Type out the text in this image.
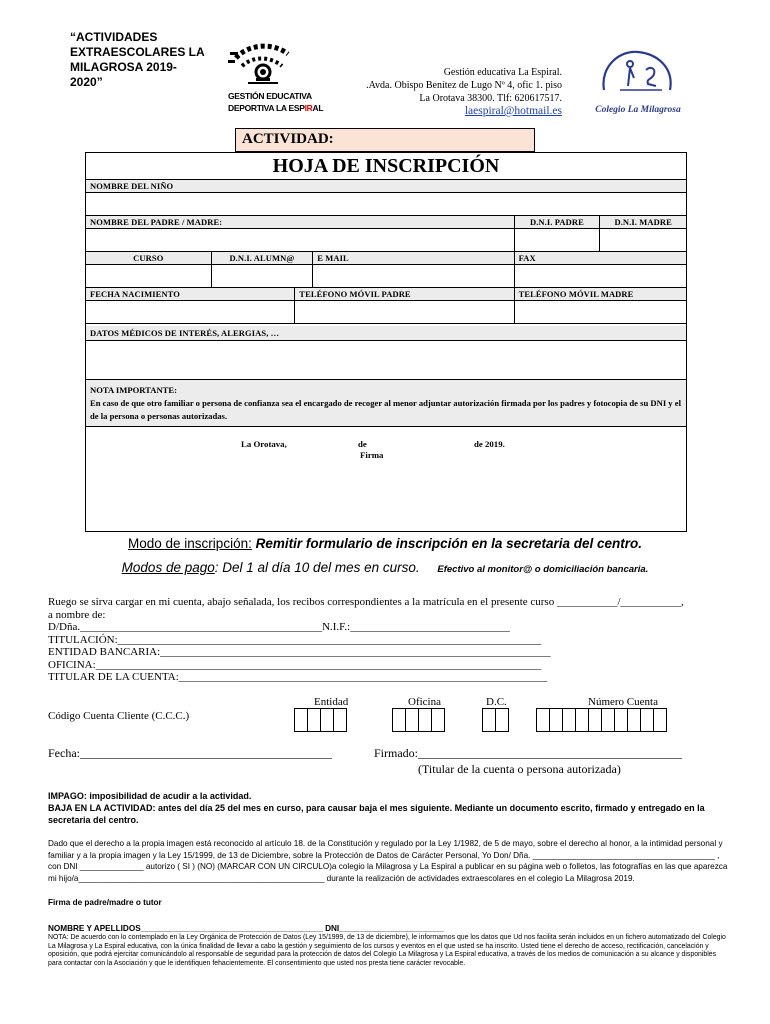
“ACTIVIDADES
EXTRAESCOLARES LA
MILAGROSA 2019-
2020”
GESTIÓN EDUCATIVA
DEPORTIVA LA ESPIRAL
Gestión educativa La Espiral.
.Avda. Obispo Benítez de Lugo Nº 4, ofic 1. piso
La Orotava 38300. Tlf: 620617517.
laespiral@hotmail.es	Colegio La Milagrosa
ACTIVIDAD:
HOJA DE INSCRIPCIÓN
NOMBRE DEL NIÑO
NOMBRE DEL PADRE / MADRE:	D.N.I. PADRE	D.N.I. MADRE
CURSO	D.N.I. ALUMN@	E MAIL	FAX
FECHA NACIMIENTO	TELÉFONO MÓVIL PADRE	TELÉFONO MÓVIL MADRE
DATOS MÉDICOS DE INTERÉS, ALERGIAS, …
NOTA IMPORTANTE:
En caso de que otro familiar o persona de confianza sea el encargado de recoger al menor adjuntar autorización firmada por los padres y fotocopia de su DNI y el de la persona o personas autorizadas.
La Orotava,	de	de 2019.
Firma
Modo de inscripción: Remitir formulario de inscripción en la secretaria del centro.
Modos de pago: Del 1 al día 10 del mes en curso. Efectivo al monitor@ o domiciliación bancaria.
Ruego se sirva cargar en mi cuenta, abajo señalada, los recibos correspondientes a la matrícula en el presente curso ___________/___________,
a nombre de:
D/Dña.____________________________________________N.I.F.:_____________________________
TITULACIÓN:_____________________________________________________________________________
ENTIDAD BANCARIA:_______________________________________________________________________
OFICINA:_________________________________________________________________________________
TITULAR DE LA CUENTA:___________________________________________________________________
Entidad	Oficina	D.C.	Número Cuenta
Código Cuenta Cliente (C.C.C.)
Fecha:__________________________________________	Firmado:____________________________________________
(Titular de la cuenta o persona autorizada)
IMPAGO: imposibilidad de acudir a la actividad.
BAJA EN LA ACTIVIDAD: antes del día 25 del mes en curso, para causar baja el mes siguiente. Mediante un documento escrito, firmado y entregado en la secretaria del centro.
Dado que el derecho a la propia imagen está reconocido al artículo 18. de la Constitución y regulado por la Ley 1/1982, de 5 de mayo, sobre el derecho al honor, a la intimidad personal y familiar y a la propia imagen y la Ley 15/1999, de 13 de Diciembre, sobre la Protección de Datos de Carácter Personal, Yo Don/ Dña. ________________________________________ , con DNI ______________ autorizo ( SI ) (NO) (MARCAR CON UN CIRCULO)a colegio la Milagrosa y La Espiral a publicar en su página web o folletos, las fotografías en las que aparezca mi hijo/a______________________________________________________ durante la realización de actividades extraescolares en el colegio La Milagrosa 2019.
Firma de padre/madre o tutor
NOMBRE Y APELLIDOS________________________________________ DNI_______________________
NOTA: De acuerdo con lo contemplado en la Ley Orgánica de Protección de Datos (Ley 15/1999, de 13 de diciembre), le informamos que los datos que Ud nos facilita serán incluidos en un fichero automatizado del Colegio La Milagrosa y La Espiral educativa, con la única finalidad de llevar a cabo la gestión y seguimiento de los cursos y eventos en el que usted se ha inscrito. Usted tiene el derecho de acceso, rectificación, cancelación y oposición, que podrá ejercitar comunicándolo al responsable de seguridad para la protección de datos del Colegio La Milagrosa y La Espiral educativa, a través de los medios de comunicación a su alcance y disponibles para contactar con la Asociación y que le identifiquen fehacientemente. El consentimiento que usted nos presta tiene carácter revocable.
